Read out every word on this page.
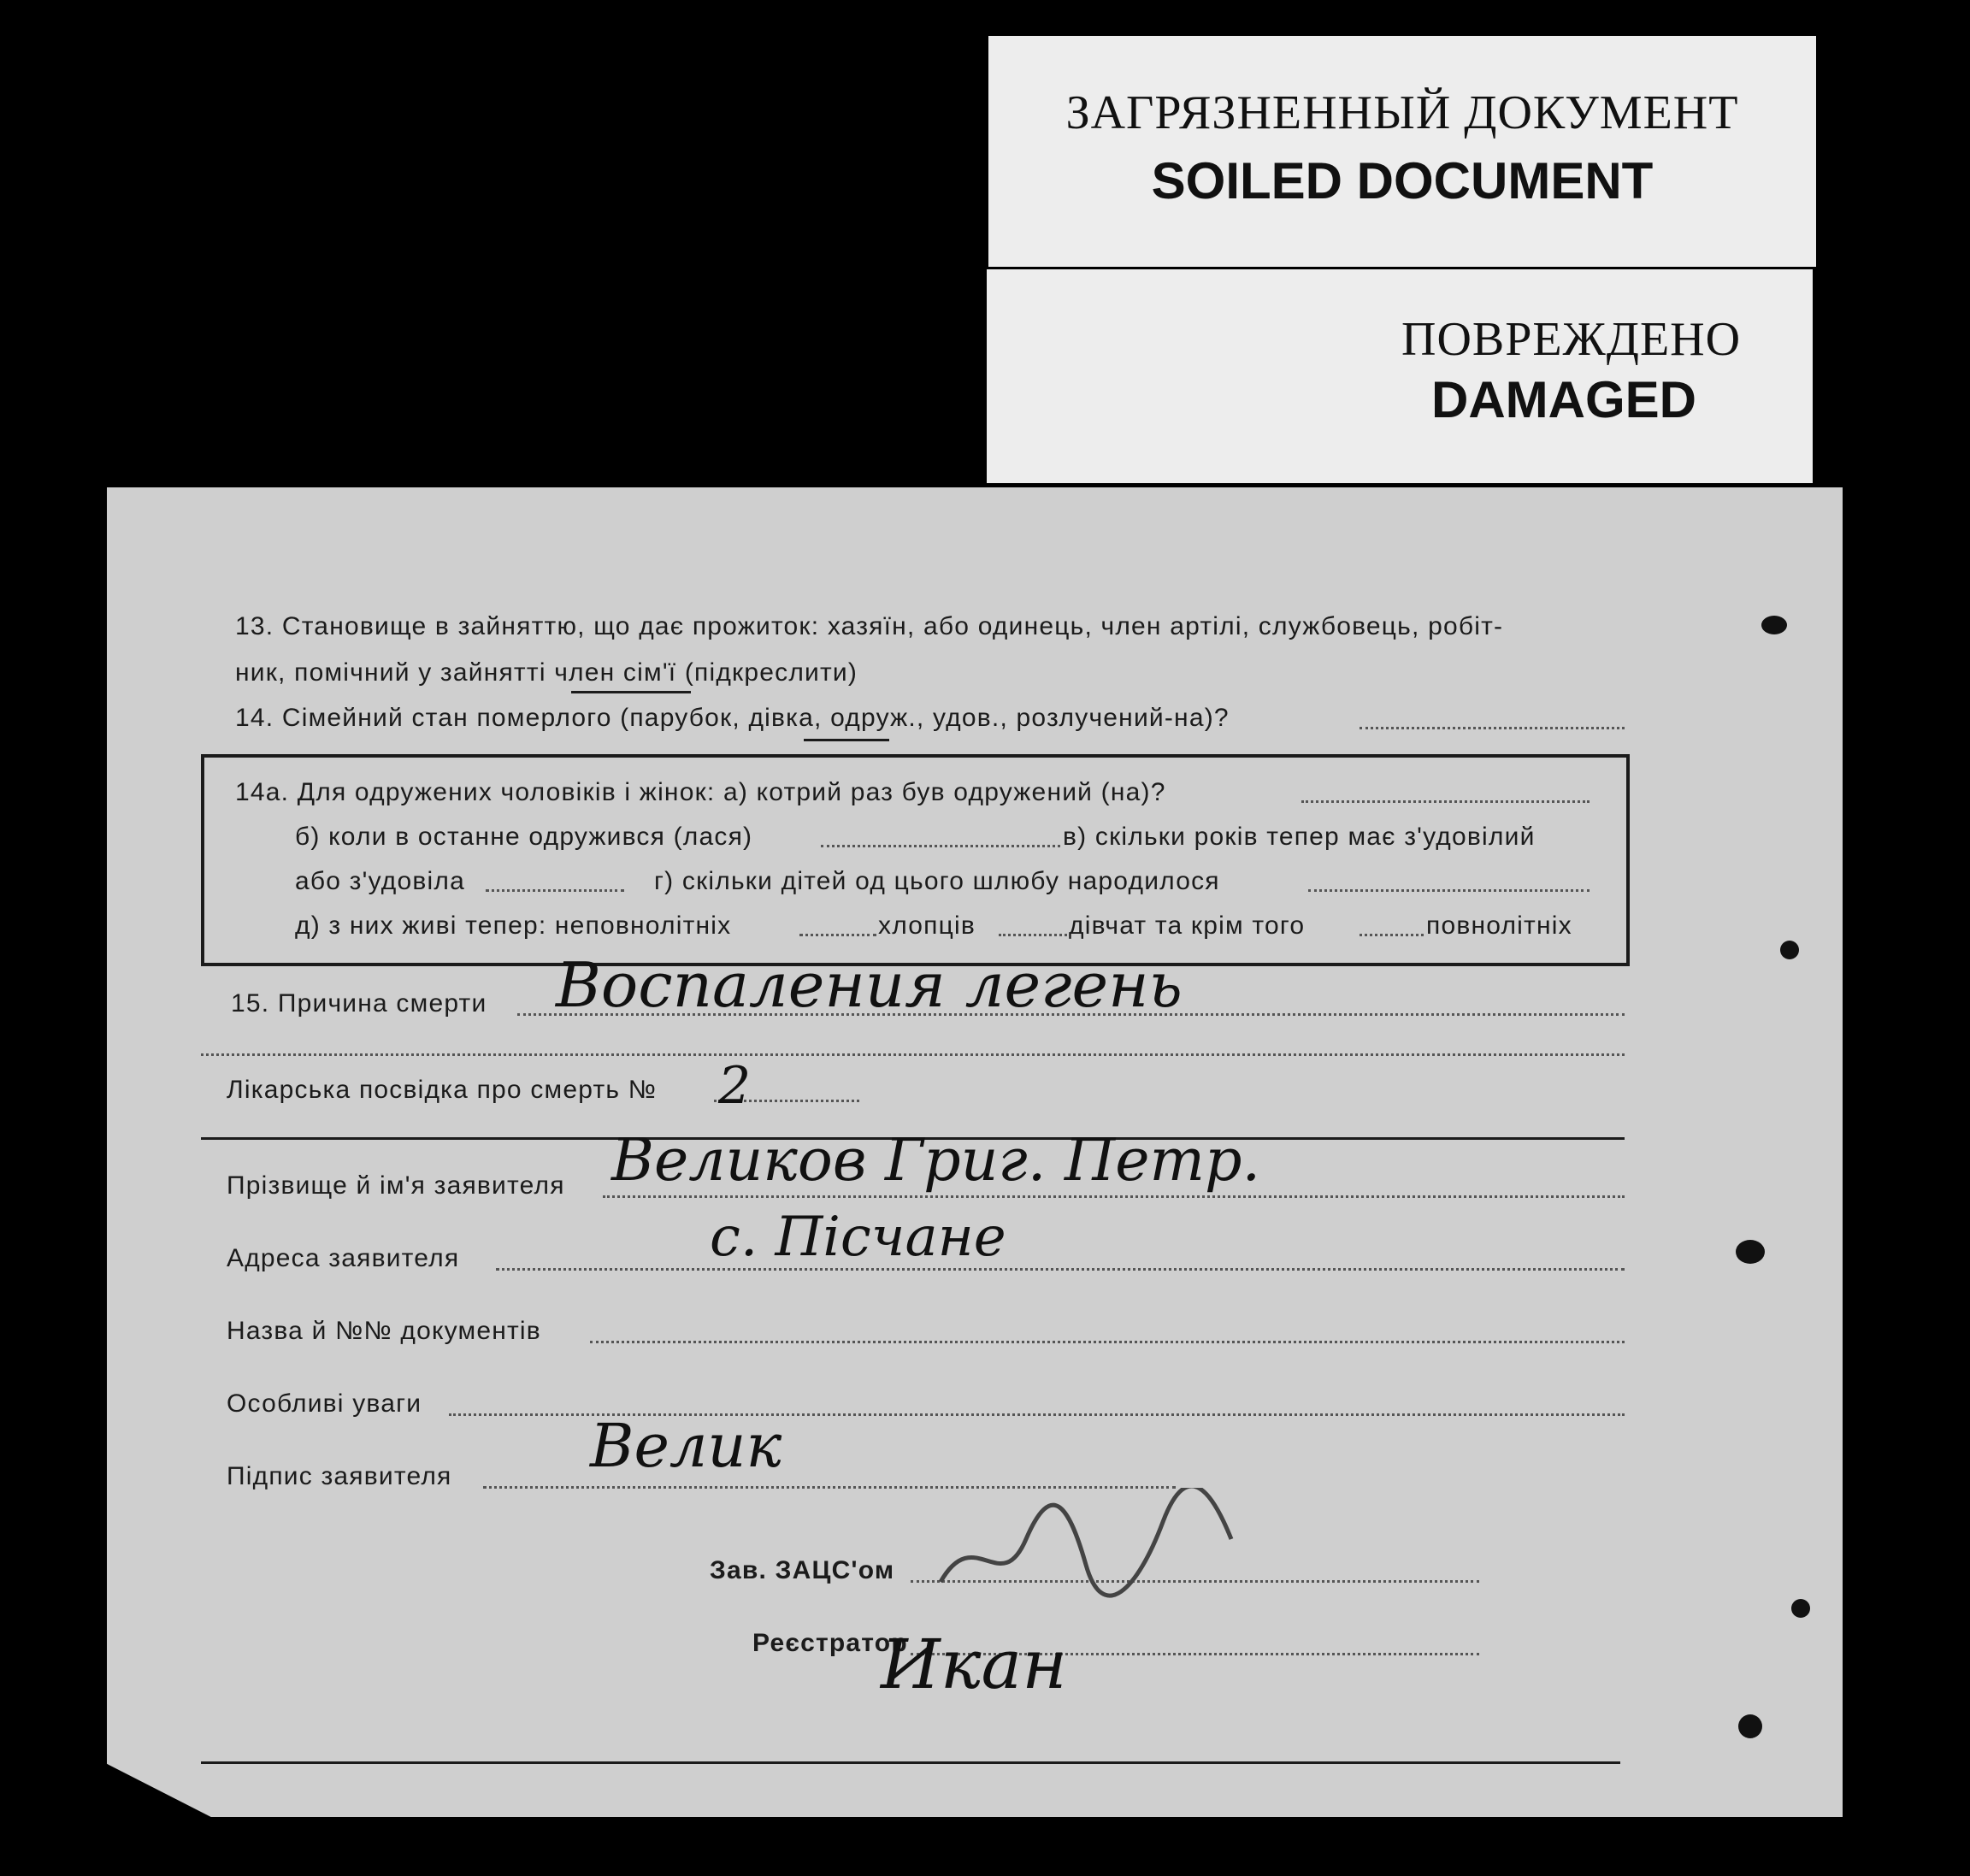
ЗАГРЯЗНЕННЫЙ ДОКУМЕНТ
SOILED DOCUMENT
ПОВРЕЖДЕНО
DAMAGED
13. Становище в зайняттю, що дає прожиток: хазяїн, або одинець, член артілі, службовець, робіт-
ник, помічний у зайнятті член сім'ї (підкреслити)
14. Сімейний стан померлого (парубок, дівка, одруж., удов., розлучений-на)?
14а. Для одружених чоловіків і жінок: а) котрий раз був одружений (на)?
б) коли в останне одружився (лася)	в) скільки років тепер має з'удовілий
або з'удовіла	г) скільки дітей од цього шлюбу народилося
д) з них живі тепер: неповнолітніх	хлопців	дівчат та крім того	повнолітніх
15. Причина смерти Воспаления легень
Лікарська посвідка про смерть № 2
Прізвище й ім'я заявителя Великов Григ. Петр.
Адреса заявителя	с. Пісчане
Назва й №№ документів
Особливі уваги
Підпис заявителя Велик
Зав. ЗАЦС'ом
Реєстратор
Икан
